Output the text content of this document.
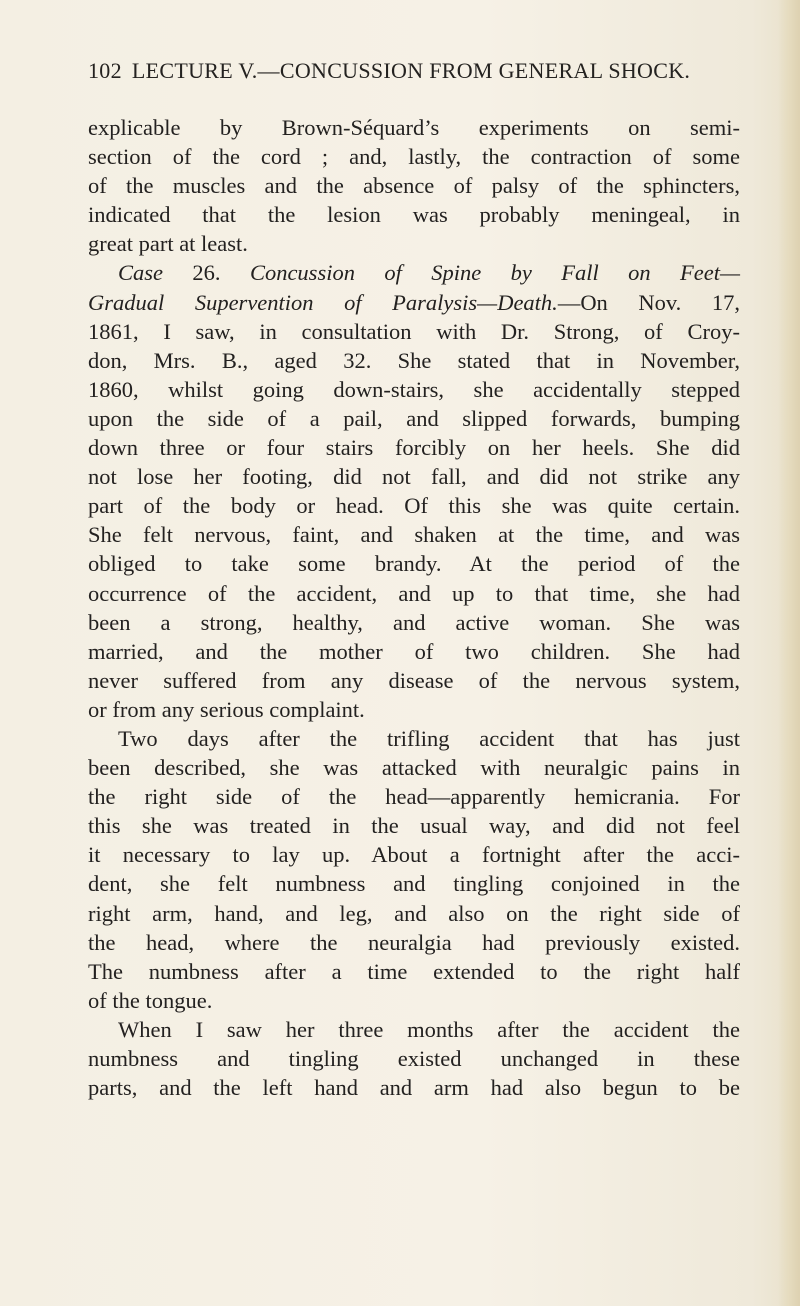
102 LECTURE V.—CONCUSSION FROM GENERAL SHOCK.
explicable by Brown-Séquard’s experiments on semi-
section of the cord ; and, lastly, the contraction of some
of the muscles and the absence of palsy of the sphincters,
indicated that the lesion was probably meningeal, in
great part at least.
Case 26. Concussion of Spine by Fall on Feet—
Gradual Supervention of Paralysis—Death.—On Nov. 17,
1861, I saw, in consultation with Dr. Strong, of Croy-
don, Mrs. B., aged 32. She stated that in November,
1860, whilst going down-stairs, she accidentally stepped
upon the side of a pail, and slipped forwards, bumping
down three or four stairs forcibly on her heels. She did
not lose her footing, did not fall, and did not strike any
part of the body or head. Of this she was quite certain.
She felt nervous, faint, and shaken at the time, and was
obliged to take some brandy. At the period of the
occurrence of the accident, and up to that time, she had
been a strong, healthy, and active woman. She was
married, and the mother of two children. She had
never suffered from any disease of the nervous system,
or from any serious complaint.
Two days after the trifling accident that has just
been described, she was attacked with neuralgic pains in
the right side of the head—apparently hemicrania. For
this she was treated in the usual way, and did not feel
it necessary to lay up. About a fortnight after the acci-
dent, she felt numbness and tingling conjoined in the
right arm, hand, and leg, and also on the right side of
the head, where the neuralgia had previously existed.
The numbness after a time extended to the right half
of the tongue.
When I saw her three months after the accident the
numbness and tingling existed unchanged in these
parts, and the left hand and arm had also begun to be
